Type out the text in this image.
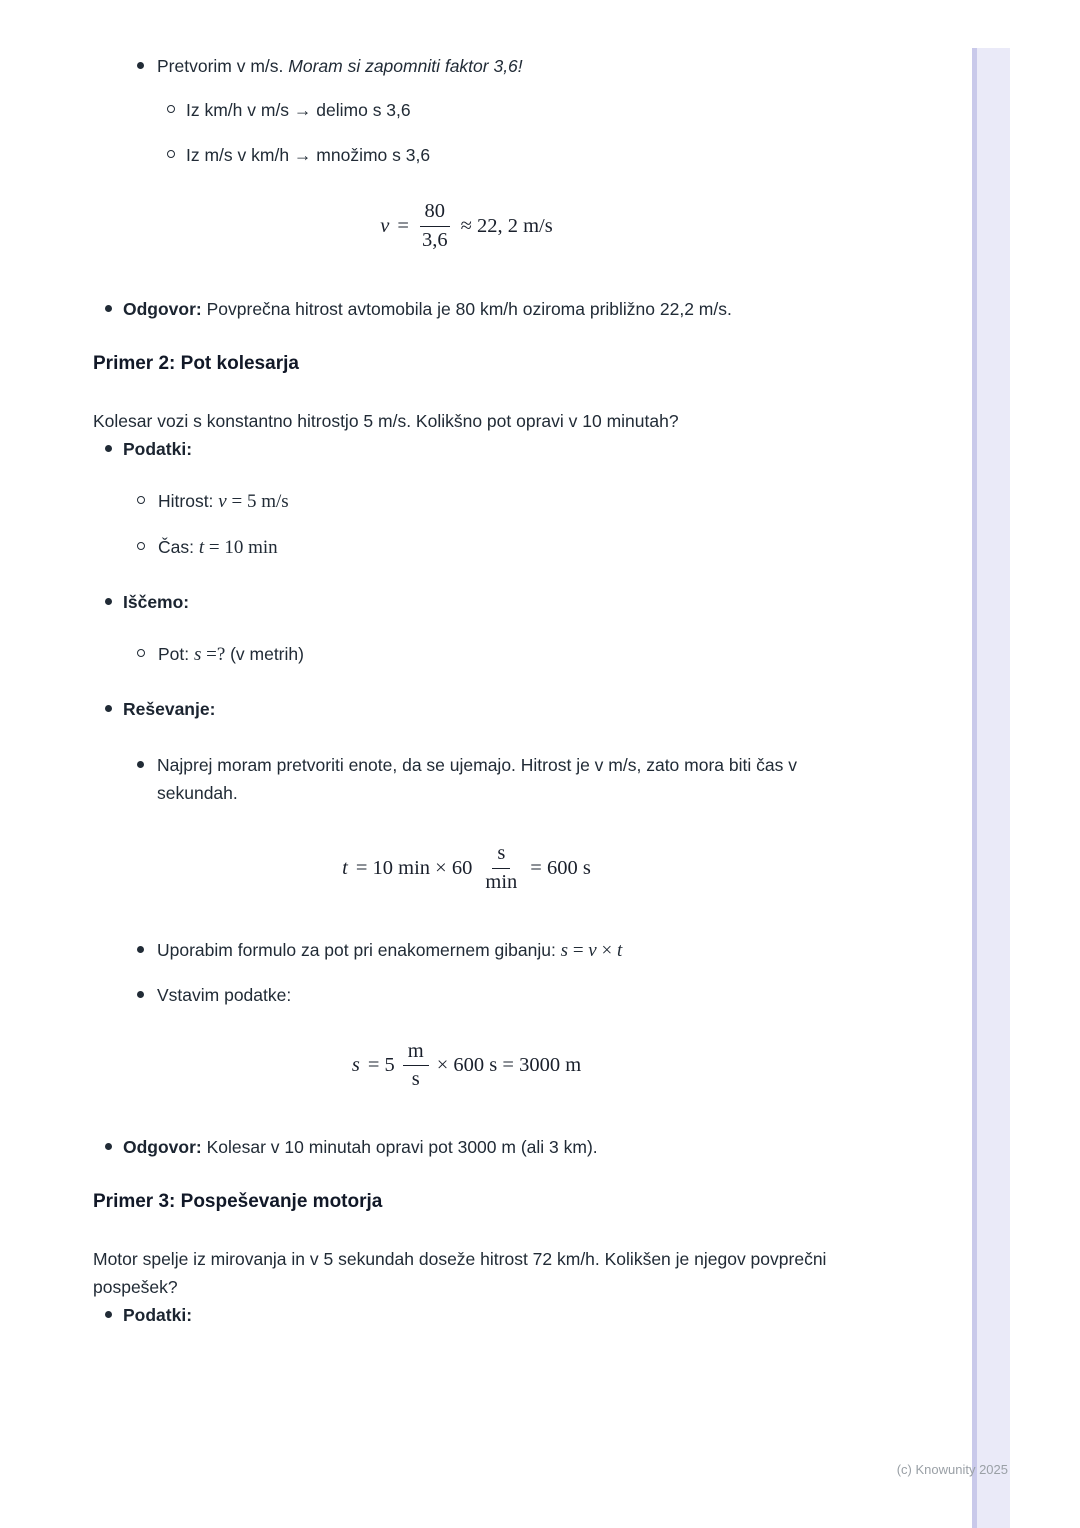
Pretvorim v m/s. Moram si zapomniti faktor 3,6!
Iz km/h v m/s → delimo s 3,6
Iz m/s v km/h → množimo s 3,6
$v = \frac{80}{3,6} \approx 22$, 2 m/s
Odgovor: Povprečna hitrost avtomobila je 80 km/h oziroma približno 22,2 m/s.
Primer 2: Pot kolesarja

Kolesar vozi s konstantno hitrostjo 5 m/s. Kolikšno pot opravi v 10 minutah?

Podatki:
Hitrost: v = 5 m/s
Čas: t = 10 min
Iščemo:
Pot: s =? (v metrih)
Reševanje:
Najprej moram pretvoriti enote, da se ujemajo. Hitrost je v m/s, zato mora biti čas v sekundah.
t = 10 $\min \times 60 \frac{s}{\min} = 600$ s
Uporabim formulo za pot pri enakomernem gibanju: s = v × t
Vstavim podatke:
$s = 5 \frac{m}{s} \times 600$ s = 3000 m
Odgovor: Kolesar v 10 minutah opravi pot 3000 m (ali 3 km).
Primer 3: Pospeševanje motorja

Motor spelje iz mirovanja in v 5 sekundah doseže hitrost 72 km/h. Kolikšen je njegov povprečni pospešek?

Podatki:
(c) Knowunity 2025
